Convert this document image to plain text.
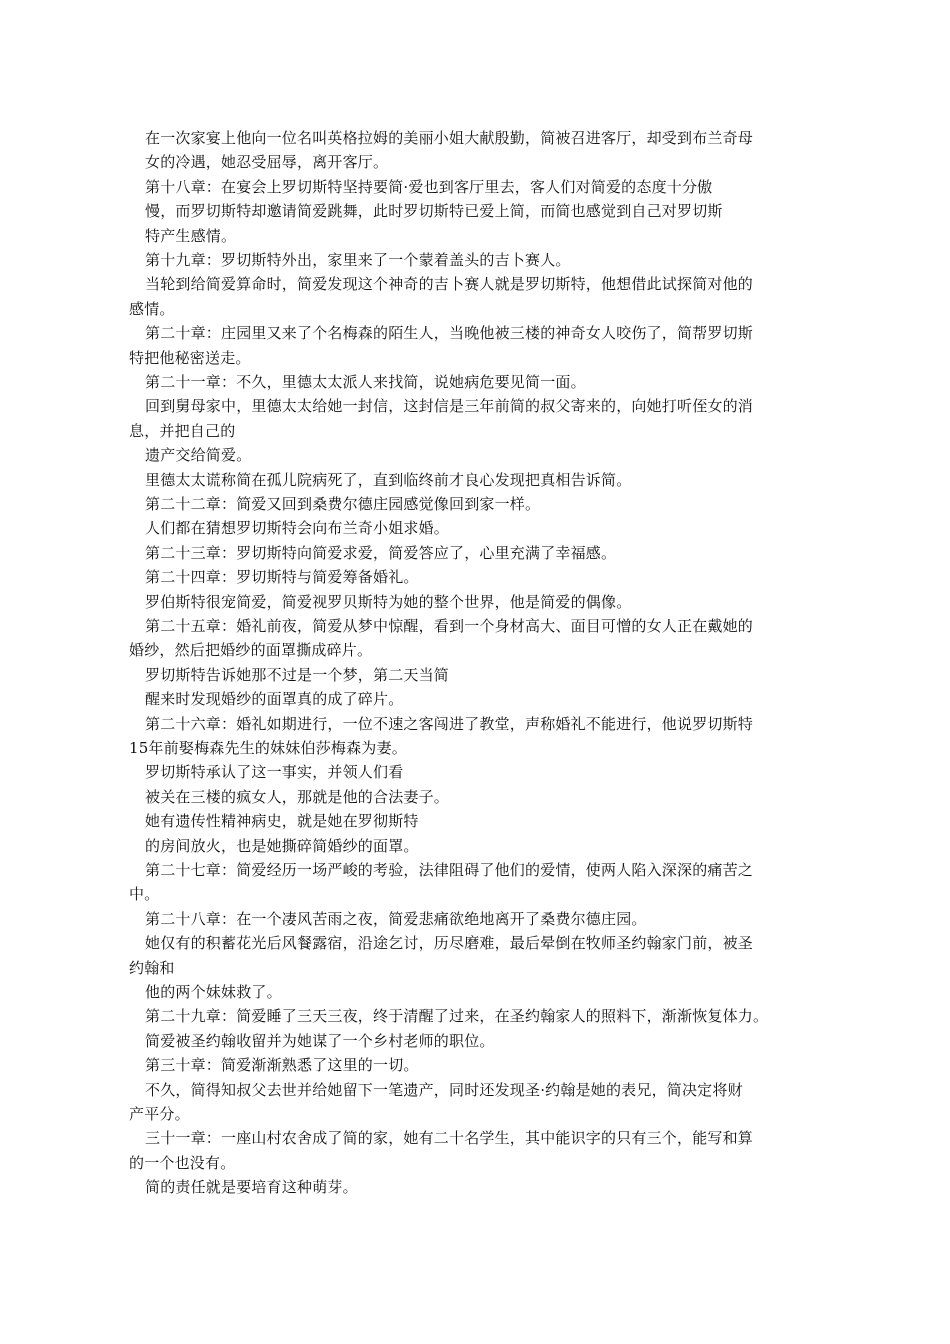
在一次家宴上他向一位名叫英格拉姆的美丽小姐大献殷勤，简被召进客厅，却受到布兰奇母
女的冷遇，她忍受屈辱，离开客厅。
第十八章：在宴会上罗切斯特坚持要简·爱也到客厅里去，客人们对简爱的态度十分傲
慢，而罗切斯特却邀请简爱跳舞，此时罗切斯特已爱上简，而简也感觉到自己对罗切斯
特产生感情。
第十九章：罗切斯特外出，家里来了一个蒙着盖头的吉卜赛人。
当轮到给简爱算命时，简爱发现这个神奇的吉卜赛人就是罗切斯特，他想借此试探简对他的
感情。
第二十章：庄园里又来了个名梅森的陌生人，当晚他被三楼的神奇女人咬伤了，简帮罗切斯
特把他秘密送走。
第二十一章：不久，里德太太派人来找简，说她病危要见简一面。
回到舅母家中，里德太太给她一封信，这封信是三年前简的叔父寄来的，向她打听侄女的消
息，并把自己的
遗产交给简爱。
里德太太谎称简在孤儿院病死了，直到临终前才良心发现把真相告诉简。
第二十二章：简爱又回到桑费尔德庄园感觉像回到家一样。
人们都在猜想罗切斯特会向布兰奇小姐求婚。
第二十三章：罗切斯特向简爱求爱，简爱答应了，心里充满了幸福感。
第二十四章：罗切斯特与简爱筹备婚礼。
罗伯斯特很宠简爱，简爱视罗贝斯特为她的整个世界，他是简爱的偶像。
第二十五章：婚礼前夜，简爱从梦中惊醒，看到一个身材高大、面目可憎的女人正在戴她的
婚纱，然后把婚纱的面罩撕成碎片。
罗切斯特告诉她那不过是一个梦，第二天当简
醒来时发现婚纱的面罩真的成了碎片。
第二十六章：婚礼如期进行，一位不速之客闯进了教堂，声称婚礼不能进行，他说罗切斯特
15年前娶梅森先生的妹妹伯莎梅森为妻。
罗切斯特承认了这一事实，并领人们看
被关在三楼的疯女人，那就是他的合法妻子。
她有遗传性精神病史，就是她在罗彻斯特
的房间放火，也是她撕碎简婚纱的面罩。
第二十七章：简爱经历一场严峻的考验，法律阻碍了他们的爱情，使两人陷入深深的痛苦之
中。
第二十八章：在一个凄风苦雨之夜，简爱悲痛欲绝地离开了桑费尔德庄园。
她仅有的积蓄花光后风餐露宿，沿途乞讨，历尽磨难，最后晕倒在牧师圣约翰家门前，被圣
约翰和
他的两个妹妹救了。
第二十九章：简爱睡了三天三夜，终于清醒了过来，在圣约翰家人的照料下，渐渐恢复体力。
简爱被圣约翰收留并为她谋了一个乡村老师的职位。
第三十章：简爱渐渐熟悉了这里的一切。
不久，简得知叔父去世并给她留下一笔遗产，同时还发现圣·约翰是她的表兄，简决定将财
产平分。
三十一章：一座山村农舍成了简的家，她有二十名学生，其中能识字的只有三个，能写和算
的一个也没有。
简的责任就是要培育这种萌芽。
